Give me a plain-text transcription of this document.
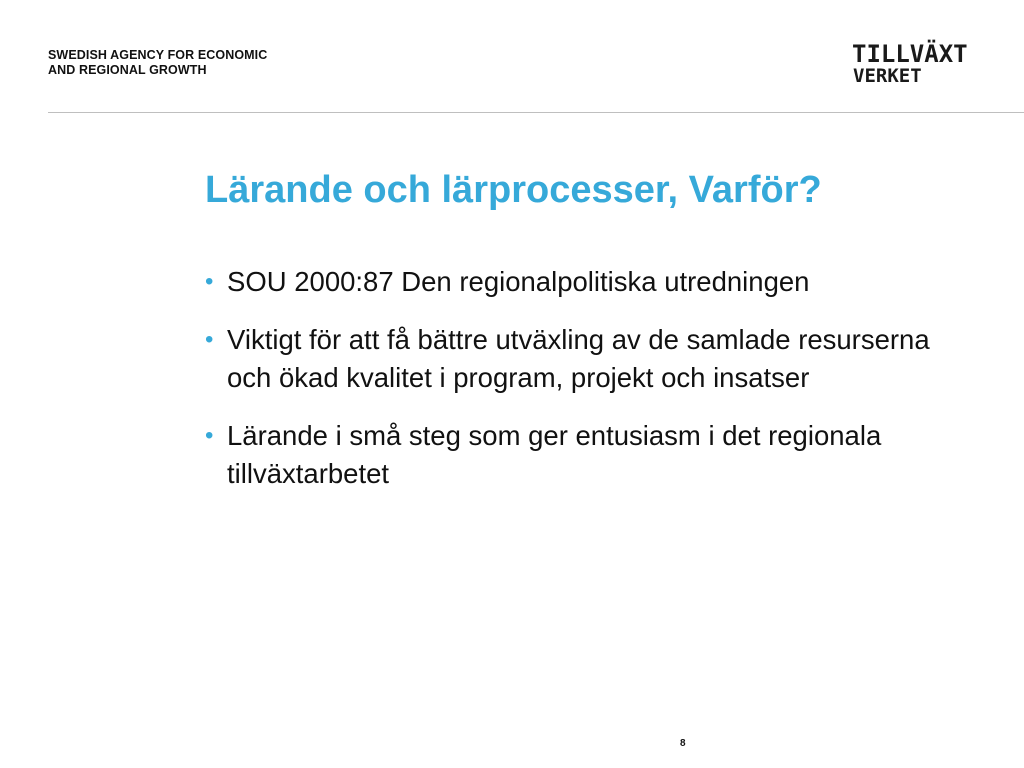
SWEDISH AGENCY FOR ECONOMIC
AND REGIONAL GROWTH
TILLVÄXT
VERKET
Lärande och lärprocesser, Varför?
• SOU 2000:87 Den regionalpolitiska utredningen
• Viktigt för att få bättre utväxling av de samlade resurserna och ökad kvalitet i program, projekt och insatser
• Lärande i små steg som ger entusiasm i det regionala tillväxtarbetet
8
